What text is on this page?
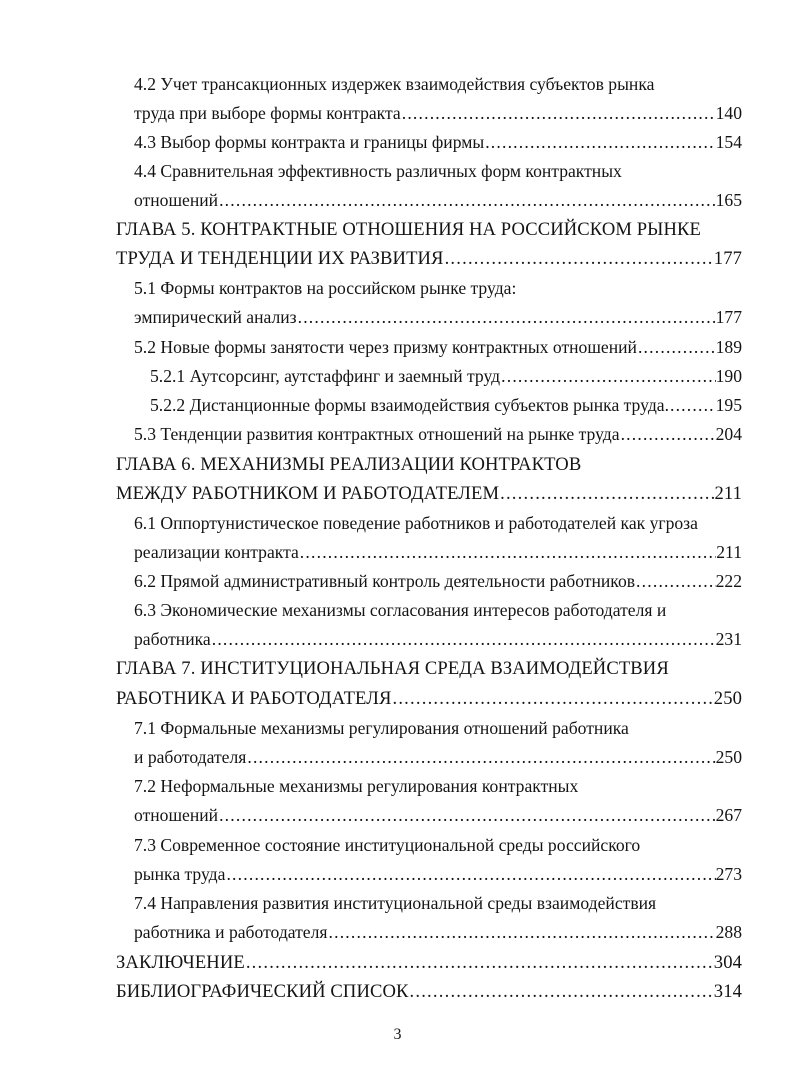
4.2 Учет трансакционных издержек взаимодействия субъектов рынка
труда при выборе формы контракта .....	140
4.3 Выбор формы контракта и границы фирмы .....	154
4.4 Сравнительная эффективность различных форм контрактных
отношений .....	165
ГЛАВА 5. КОНТРАКТНЫЕ ОТНОШЕНИЯ НА РОССИЙСКОМ РЫНКЕ
ТРУДА И ТЕНДЕНЦИИ ИХ РАЗВИТИЯ .....	177
5.1 Формы контрактов на российском рынке труда:
эмпирический анализ .....	177
5.2 Новые формы занятости через призму контрактных отношений .....	189
5.2.1 Аутсорсинг, аутстаффинг и заемный труд .....	190
5.2.2 Дистанционные формы взаимодействия субъектов рынка труда. .....	195
5.3 Тенденции развития контрактных отношений на рынке труда .....	204
ГЛАВА 6. МЕХАНИЗМЫ РЕАЛИЗАЦИИ КОНТРАКТОВ
МЕЖДУ РАБОТНИКОМ И РАБОТОДАТЕЛЕМ .....	211
6.1 Оппортунистическое поведение работников и работодателей как угроза
реализации контракта .....	211
6.2 Прямой административный контроль деятельности работников .....	222
6.3 Экономические механизмы согласования интересов работодателя и
работника .....	231
ГЛАВА 7. ИНСТИТУЦИОНАЛЬНАЯ СРЕДА ВЗАИМОДЕЙСТВИЯ
РАБОТНИКА И РАБОТОДАТЕЛЯ .....	250
7.1 Формальные механизмы регулирования отношений работника
и работодателя .....	250
7.2 Неформальные механизмы регулирования контрактных
отношений .....	267
7.3 Современное состояние институциональной среды российского
рынка труда .....	273
7.4 Направления развития институциональной среды взаимодействия
работника и работодателя .....	288
ЗАКЛЮЧЕНИЕ .....	304
БИБЛИОГРАФИЧЕСКИЙ СПИСОК .....	314
3
